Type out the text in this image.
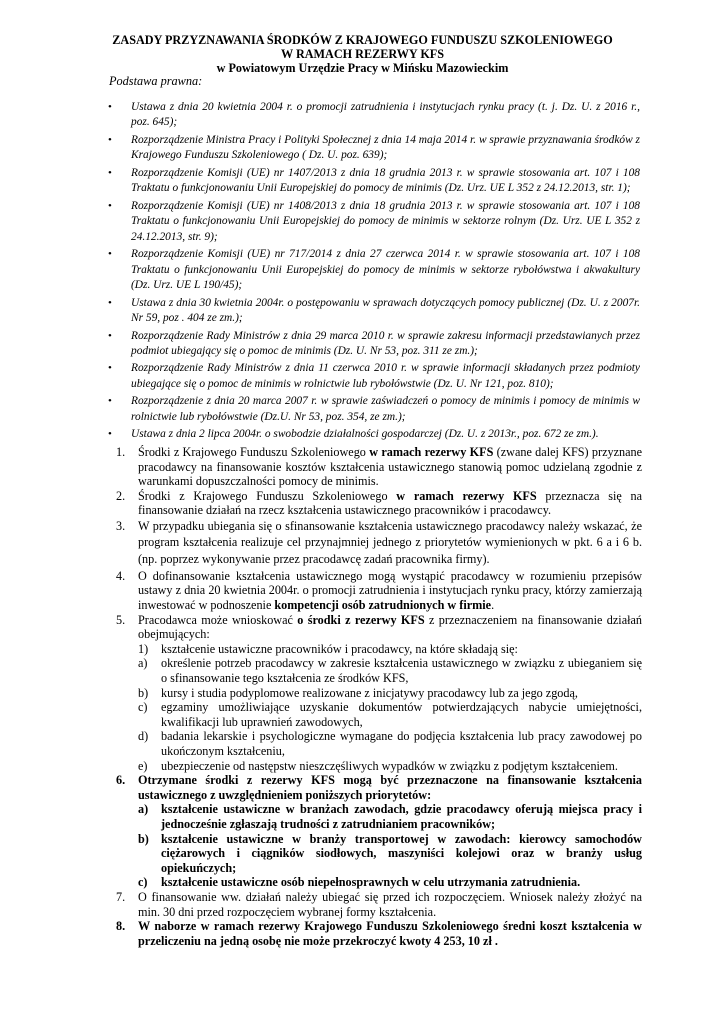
ZASADY PRZYZNAWANIA ŚRODKÓW Z KRAJOWEGO FUNDUSZU SZKOLENIOWEGO
W RAMACH REZERWY KFS
w Powiatowym Urzędzie Pracy w Mińsku Mazowieckim
Podstawa prawna:
• Ustawa z dnia 20 kwietnia 2004 r. o promocji zatrudnienia i instytucjach rynku pracy (t. j. Dz. U. z 2016 r., poz. 645);
• Rozporządzenie Ministra Pracy i Polityki Społecznej z dnia 14 maja 2014 r. w sprawie przyznawania środków z Krajowego Funduszu Szkoleniowego ( Dz. U. poz. 639);
• Rozporządzenie Komisji (UE) nr 1407/2013 z dnia 18 grudnia 2013 r. w sprawie stosowania art. 107 i 108 Traktatu o funkcjonowaniu Unii Europejskiej do pomocy de minimis (Dz. Urz. UE L 352 z 24.12.2013, str. 1);
• Rozporządzenie Komisji (UE) nr 1408/2013 z dnia 18 grudnia 2013 r. w sprawie stosowania art. 107 i 108 Traktatu o funkcjonowaniu Unii Europejskiej do pomocy de minimis w sektorze rolnym (Dz. Urz. UE L 352 z 24.12.2013, str. 9);
• Rozporządzenie Komisji (UE) nr 717/2014 z dnia 27 czerwca 2014 r. w sprawie stosowania art. 107 i 108 Traktatu o funkcjonowaniu Unii Europejskiej do pomocy de minimis w sektorze rybołówstwa i akwakultury (Dz. Urz. UE L 190/45);
• Ustawa z dnia 30 kwietnia 2004r. o postępowaniu w sprawach dotyczących pomocy publicznej (Dz. U. z 2007r. Nr 59, poz . 404 ze zm.);
• Rozporządzenie Rady Ministrów z dnia 29 marca 2010 r. w sprawie zakresu informacji przedstawianych przez podmiot ubiegający się o pomoc de minimis (Dz. U. Nr 53, poz. 311 ze zm.);
• Rozporządzenie Rady Ministrów z dnia 11 czerwca 2010 r. w sprawie informacji składanych przez podmioty ubiegające się o pomoc de minimis w rolnictwie lub rybołówstwie (Dz. U. Nr 121, poz. 810);
• Rozporządzenie z dnia 20 marca 2007 r. w sprawie zaświadczeń o pomocy de minimis i pomocy de minimis w rolnictwie lub rybołówstwie (Dz.U. Nr 53, poz. 354, ze zm.);
• Ustawa z dnia 2 lipca 2004r. o swobodzie działalności gospodarczej (Dz. U. z 2013r., poz. 672 ze zm.).
1. Środki z Krajowego Funduszu Szkoleniowego w ramach rezerwy KFS (zwane dalej KFS) przyznane pracodawcy na finansowanie kosztów kształcenia ustawicznego stanowią pomoc udzielaną zgodnie z warunkami dopuszczalności pomocy de minimis.
2. Środki z Krajowego Funduszu Szkoleniowego w ramach rezerwy KFS przeznacza się na finansowanie działań na rzecz kształcenia ustawicznego pracowników i pracodawcy.
3. W przypadku ubiegania się o sfinansowanie kształcenia ustawicznego pracodawcy należy wskazać, że program kształcenia realizuje cel przynajmniej jednego z priorytetów wymienionych w pkt. 6 a i 6 b. (np. poprzez wykonywanie przez pracodawcę zadań pracownika firmy).
4. O dofinansowanie kształcenia ustawicznego mogą wystąpić pracodawcy w rozumieniu przepisów ustawy z dnia 20 kwietnia 2004r. o promocji zatrudnienia i instytucjach rynku pracy, którzy zamierzają inwestować w podnoszenie kompetencji osób zatrudnionych w firmie.
5. Pracodawca może wnioskować o środki z rezerwy KFS z przeznaczeniem na finansowanie działań obejmujących:
1) kształcenie ustawiczne pracowników i pracodawcy, na które składają się:
a) określenie potrzeb pracodawcy w zakresie kształcenia ustawicznego w związku z ubieganiem się o sfinansowanie tego kształcenia ze środków KFS,
b) kursy i studia podyplomowe realizowane z inicjatywy pracodawcy lub za jego zgodą,
c) egzaminy umożliwiające uzyskanie dokumentów potwierdzających nabycie umiejętności, kwalifikacji lub uprawnień zawodowych,
d) badania lekarskie i psychologiczne wymagane do podjęcia kształcenia lub pracy zawodowej po ukończonym kształceniu,
e) ubezpieczenie od następstw nieszczęśliwych wypadków w związku z podjętym kształceniem.
6. Otrzymane środki z rezerwy KFS mogą być przeznaczone na finansowanie kształcenia ustawicznego z uwzględnieniem poniższych priorytetów:
a) kształcenie ustawiczne w branżach zawodach, gdzie pracodawcy oferują miejsca pracy i jednocześnie zgłaszają trudności z zatrudnianiem pracowników;
b) kształcenie ustawiczne w branży transportowej w zawodach: kierowcy samochodów ciężarowych i ciągników siodłowych, maszyniści kolejowi oraz w branży usług opiekuńczych;
c) kształcenie ustawiczne osób niepełnosprawnych w celu utrzymania zatrudnienia.
7. O finansowanie ww. działań należy ubiegać się przed ich rozpoczęciem. Wniosek należy złożyć na min. 30 dni przed rozpoczęciem wybranej formy kształcenia.
8. W naborze w ramach rezerwy Krajowego Funduszu Szkoleniowego średni koszt kształcenia w przeliczeniu na jedną osobę nie może przekroczyć kwoty 4 253, 10 zł .
